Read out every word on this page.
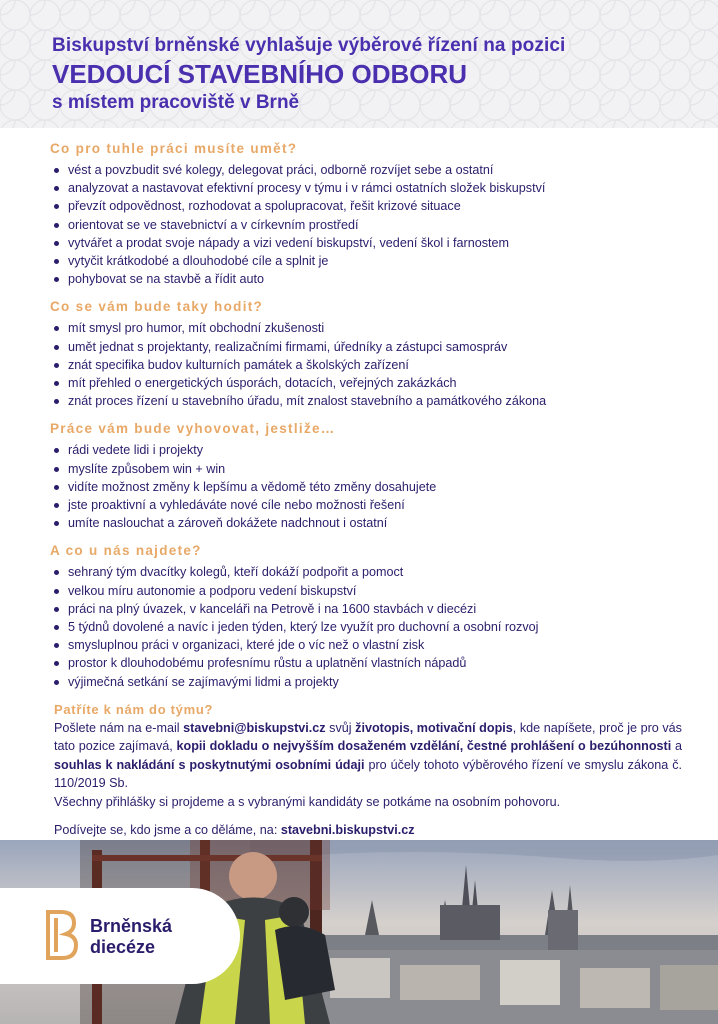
Biskupství brněnské vyhlašuje výběrové řízení na pozici
VEDOUCÍ STAVEBNÍHO ODBORU
s místem pracoviště v Brně
Co pro tuhle práci musíte umět?
vést a povzbudit své kolegy, delegovat práci, odborně rozvíjet sebe a ostatní
analyzovat a nastavovat efektivní procesy v týmu i v rámci ostatních složek biskupství
převzít odpovědnost, rozhodovat a spolupracovat, řešit krizové situace
orientovat se ve stavebnictví a v církevním prostředí
vytvářet a prodat svoje nápady a vizi vedení biskupství, vedení škol i farnostem
vytyčit krátkodobé a dlouhodobé cíle a splnit je
pohybovat se na stavbě a řídit auto
Co se vám bude taky hodit?
mít smysl pro humor, mít obchodní zkušenosti
umět jednat s projektanty, realizačními firmami, úředníky a zástupci samospráv
znát specifika budov kulturních památek a školských zařízení
mít přehled o energetických úsporách, dotacích, veřejných zakázkách
znát proces řízení u stavebního úřadu, mít znalost stavebního a památkového zákona
Práce vám bude vyhovovat, jestliže…
rádi vedete lidi i projekty
myslíte způsobem win + win
vidíte možnost změny k lepšímu a vědomě této změny dosahujete
jste proaktivní a vyhledáváte nové cíle nebo možnosti řešení
umíte naslouchat a zároveň dokážete nadchnout i ostatní
A co u nás najdete?
sehraný tým dvacítky kolegů, kteří dokáží podpořit a pomoct
velkou míru autonomie a podporu vedení biskupství
práci na plný úvazek, v kanceláři na Petrově i na 1600 stavbách v diecézi
5 týdnů dovolené a navíc i jeden týden, který lze využít pro duchovní a osobní rozvoj
smysluplnou práci v organizaci, které jde o víc než o vlastní zisk
prostor k dlouhodobému profesnímu růstu a uplatnění vlastních nápadů
výjimečná setkání se zajímavými lidmi a projekty
Patříte k nám do týmu?

Pošlete nám na e-mail stavebni@biskupstvi.cz svůj životopis, motivační dopis, kde napíšete, proč je pro vás tato pozice zajímavá, kopii dokladu o nejvyšším dosaženém vzdělání, čestné prohlášení o bezúhonnosti a souhlas k nakládání s poskytnutými osobními údaji pro účely tohoto výběrového řízení ve smyslu zákona č. 110/2019 Sb.

Všechny přihlášky si projdeme a s vybranými kandidáty se potkáme na osobním pohovoru.

Podívejte se, kdo jsme a co děláme, na: stavebni.biskupstvi.cz

Brněnská
diecéze
